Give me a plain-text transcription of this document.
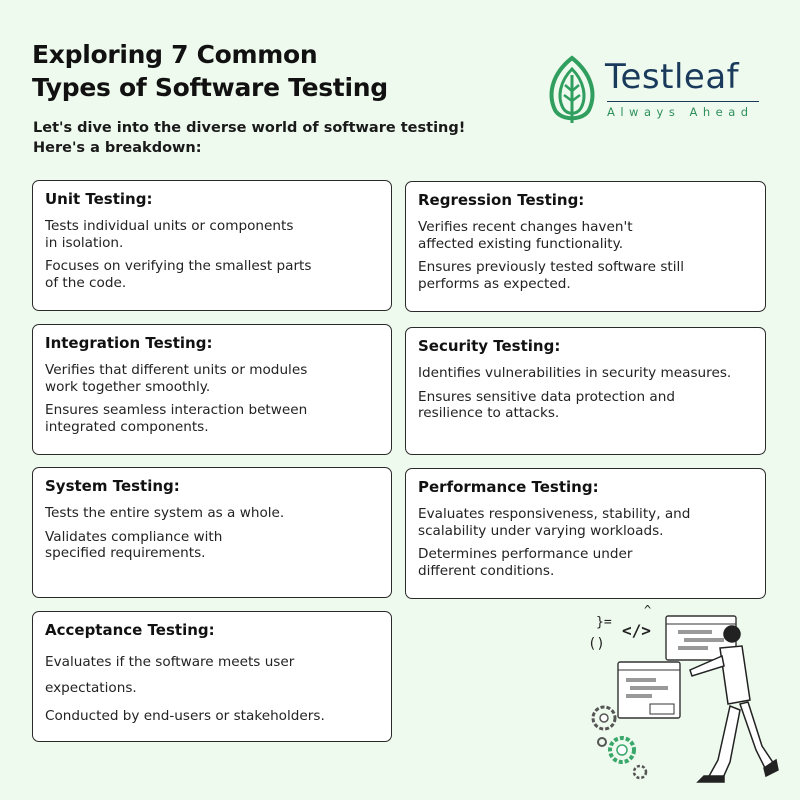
Exploring 7 Common
Types of Software Testing
Let's dive into the diverse world of software testing!
Here's a breakdown:
Testleaf
Always Ahead
Unit Testing:
Tests individual units or components
in isolation.
Focuses on verifying the smallest parts
of the code.
Integration Testing:
Verifies that different units or modules
work together smoothly.
Ensures seamless interaction between
integrated components.
System Testing:
Tests the entire system as a whole.
Validates compliance with
specified requirements.
Acceptance Testing:
Evaluates if the software meets user
expectations.
Conducted by end-users or stakeholders.
Regression Testing:
Verifies recent changes haven't
affected existing functionality.
Ensures previously tested software still
performs as expected.
Security Testing:
Identifies vulnerabilities in security measures.
Ensures sensitive data protection and
resilience to attacks.
Performance Testing:
Evaluates responsiveness, stability, and
scalability under varying workloads.
Determines performance under
different conditions.
</>
}=
()
^
